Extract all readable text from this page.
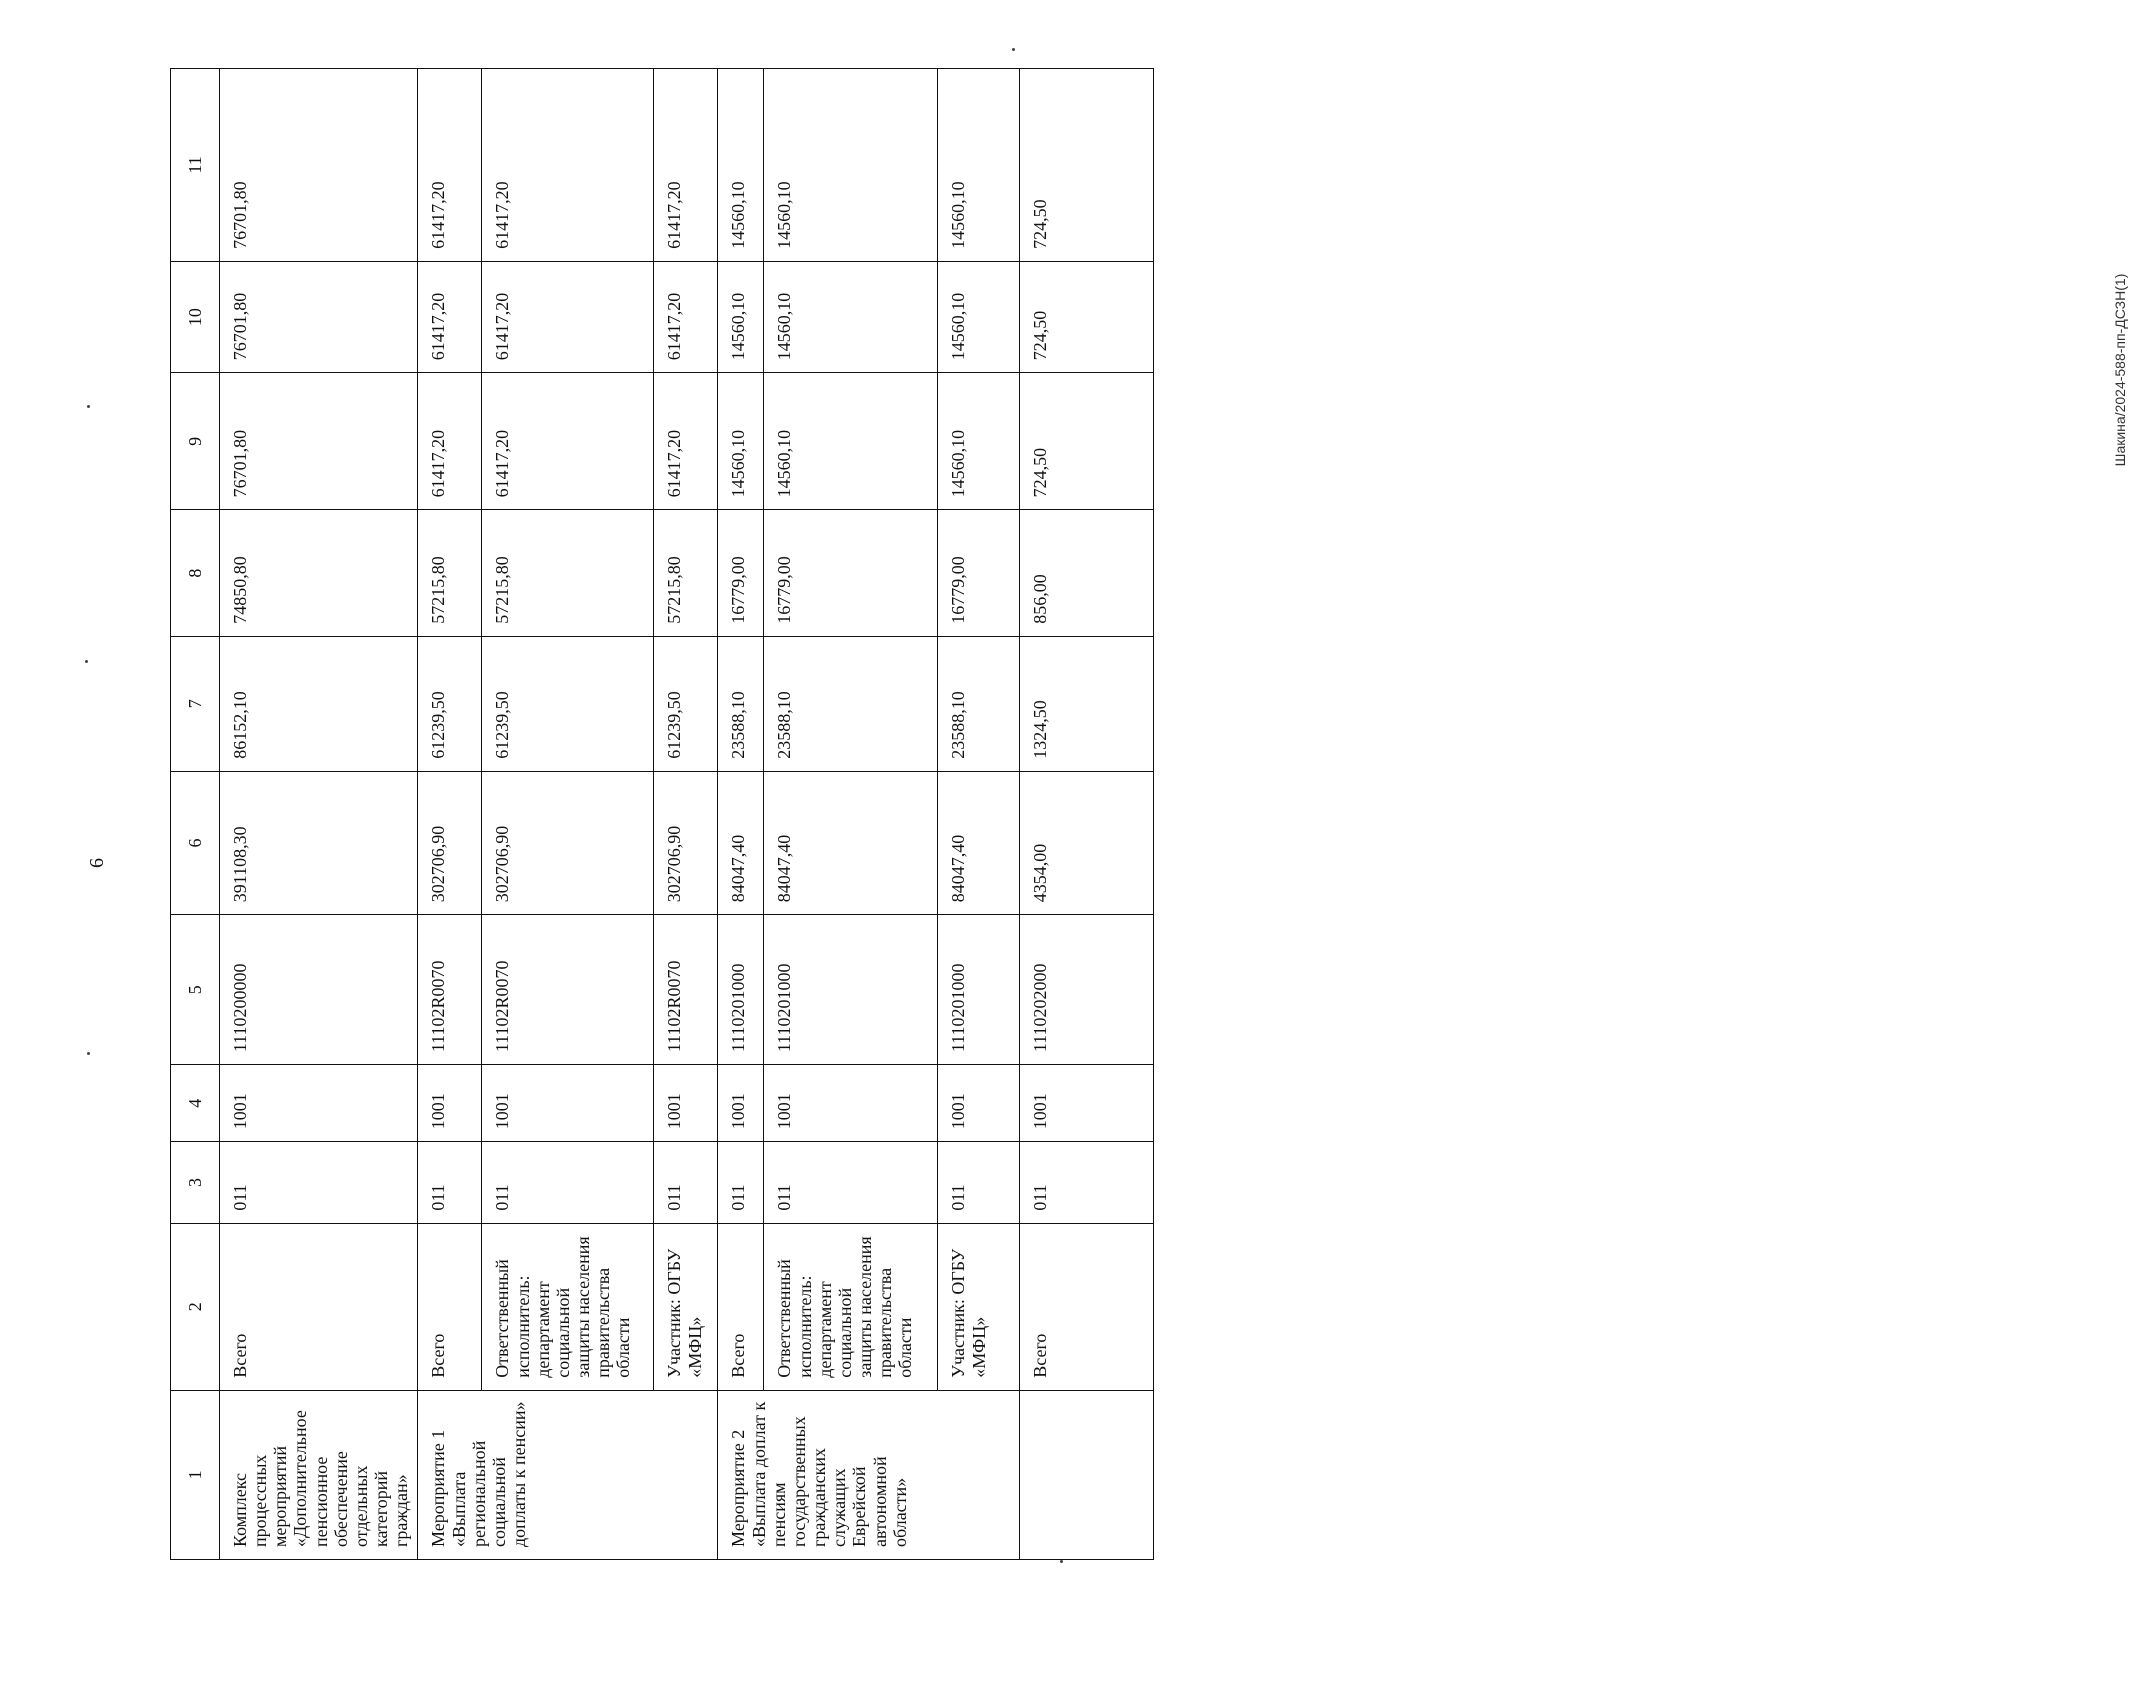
6
Шакина/2024-588-пп-ДСЗН(1)
1	2	3	4	5	6	7	8	9	10	11
Комплекс процессных мероприятий «Дополнительное пенсионное обеспечение отдельных категорий граждан»	Всего	011	1001	1110200000	391108,30	86152,10	74850,80	76701,80	76701,80	76701,80
Мероприятие 1 «Выплата региональной социальной доплаты к пенсии»	Всего	011	1001	11102R0070	302706,90	61239,50	57215,80	61417,20	61417,20	61417,20
	Ответственный исполнитель: департамент социальной защиты населения правительства области	011	1001	11102R0070	302706,90	61239,50	57215,80	61417,20	61417,20	61417,20
	Участник: ОГБУ «МФЦ»	011	1001	11102R0070	302706,90	61239,50	57215,80	61417,20	61417,20	61417,20
Мероприятие 2 «Выплата доплат к пенсиям государственных гражданских служащих Еврейской автономной области»	Всего	011	1001	1110201000	84047,40	23588,10	16779,00	14560,10	14560,10	14560,10
	Ответственный исполнитель: департамент социальной защиты населения правительства области	011	1001	1110201000	84047,40	23588,10	16779,00	14560,10	14560,10	14560,10
	Участник: ОГБУ «МФЦ»	011	1001	1110201000	84047,40	23588,10	16779,00	14560,10	14560,10	14560,10
	Всего	011	1001	1110202000	4354,00	1324,50	856,00	724,50	724,50	724,50
